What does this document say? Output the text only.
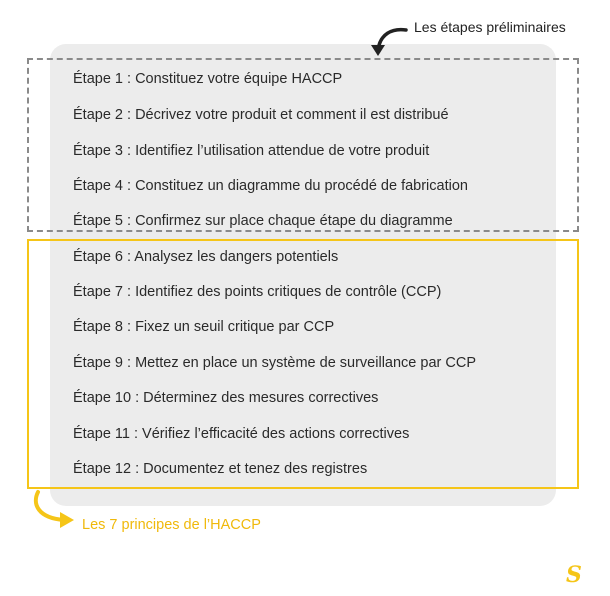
Les étapes préliminaires
Étape 1 : Constituez votre équipe HACCP
Étape 2 : Décrivez votre produit et comment il est distribué
Étape 3 : Identifiez l’utilisation attendue de votre produit
Étape 4 : Constituez un diagramme du procédé de fabrication
Étape 5 : Confirmez sur place chaque étape du diagramme
Étape 6 : Analysez les dangers potentiels
Étape 7 : Identifiez des points critiques de contrôle (CCP)
Étape 8 : Fixez un seuil critique par CCP
Étape 9 : Mettez en place un système de surveillance par CCP
Étape 10 : Déterminez des mesures correctives
Étape 11 : Vérifiez l’efficacité des actions correctives
Étape 12 : Documentez et tenez des registres
Les 7 principes de l’HACCP
S
